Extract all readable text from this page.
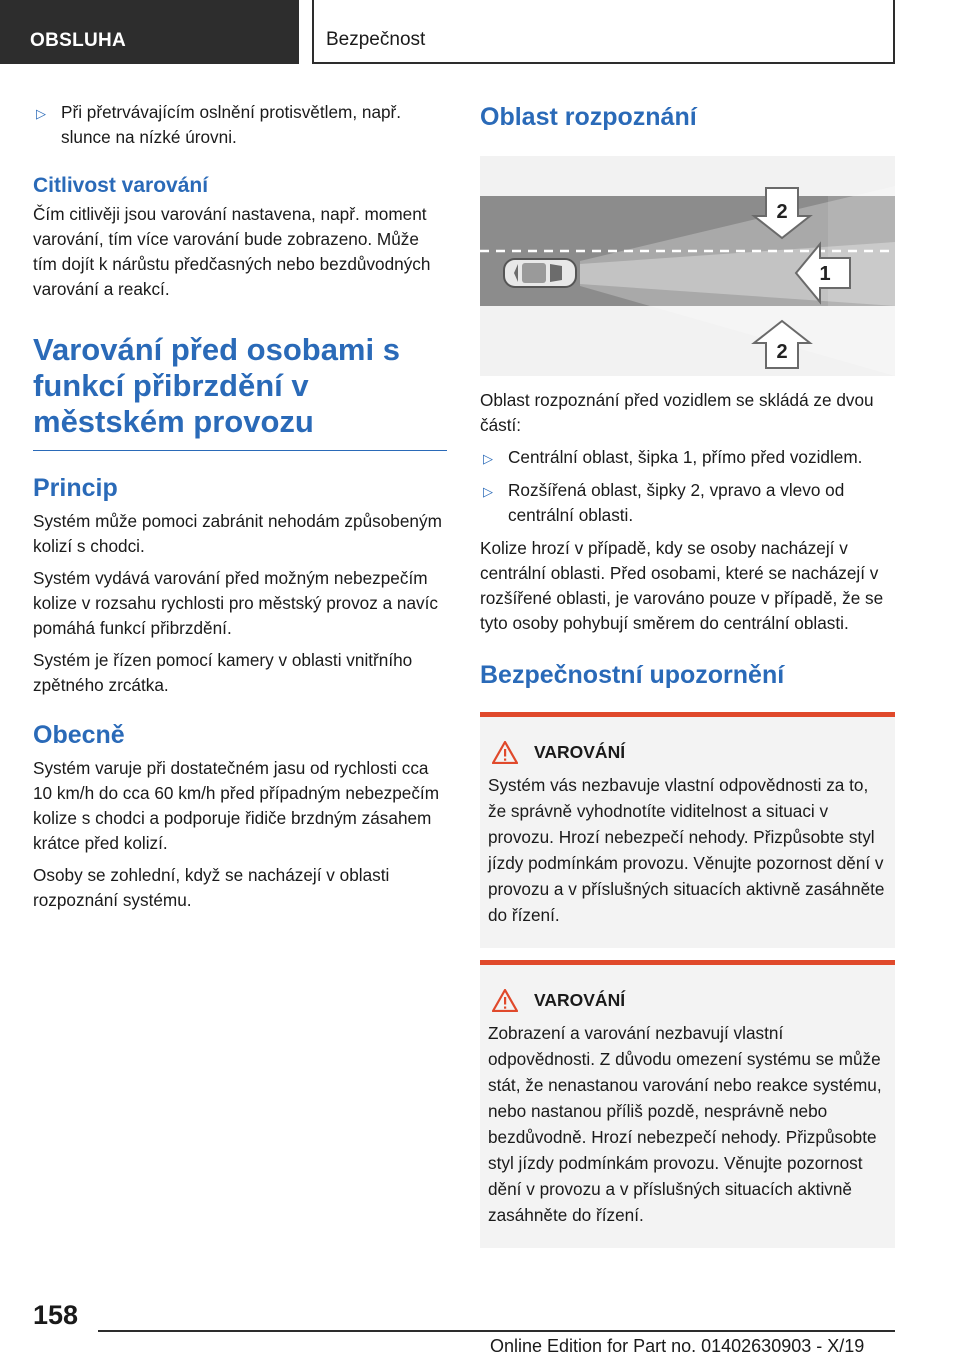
OBSLUHA	Bezpečnost
▷ Při přetrvávajícím oslnění protisvětlem, např. slunce na nízké úrovni.
Citlivost varování

Čím citlivěji jsou varování nastavena, např. moment varování, tím více varování bude zobrazeno. Může tím dojít k nárůstu předčasných nebo bezdůvodných varování a reakcí.

Varování před osobami s funkcí přibrzdění v městském provozu
Princip

Systém může pomoci zabránit nehodám způsobeným kolizí s chodci.

Systém vydává varování před možným nebezpečím kolize v rozsahu rychlosti pro městský provoz a navíc pomáhá funkcí přibrzdění.

Systém je řízen pomocí kamery v oblasti vnitřního zpětného zrcátka.

Obecně

Systém varuje při dostatečném jasu od rychlosti cca 10 km/h do cca 60 km/h před případným nebezpečím kolize s chodci a podporuje řidiče brzdným zásahem krátce před kolizí.

Osoby se zohlední, když se nacházejí v oblasti rozpoznání systému.

Oblast rozpoznání
2
1
2

Oblast rozpoznání před vozidlem se skládá ze dvou částí:

▷ Centrální oblast, šipka 1, přímo před vozidlem.
▷ Rozšířená oblast, šipky 2, vpravo a vlevo od centrální oblasti.

Kolize hrozí v případě, kdy se osoby nacházejí v centrální oblasti. Před osobami, které se nacházejí v rozšířené oblasti, je varováno pouze v případě, že se tyto osoby pohybují směrem do centrální oblasti.

Bezpečnostní upozornění
VAROVÁNÍ

Systém vás nezbavuje vlastní odpovědnosti za to, že správně vyhodnotíte viditelnost a situaci v provozu. Hrozí nebezpečí nehody. Přizpůsobte styl jízdy podmínkám provozu. Věnujte pozornost dění v provozu a v příslušných situacích aktivně zasáhněte do řízení.

VAROVÁNÍ

Zobrazení a varování nezbavují vlastní odpovědnosti. Z důvodu omezení systému se může stát, že nenastanou varování nebo reakce systému, nebo nastanou příliš pozdě, nesprávně nebo bezdůvodně. Hrozí nebezpečí nehody. Přizpůsobte styl jízdy podmínkám provozu. Věnujte pozornost dění v provozu a v příslušných situacích aktivně zasáhněte do řízení.

158
Online Edition for Part no. 01402630903 - X/19
